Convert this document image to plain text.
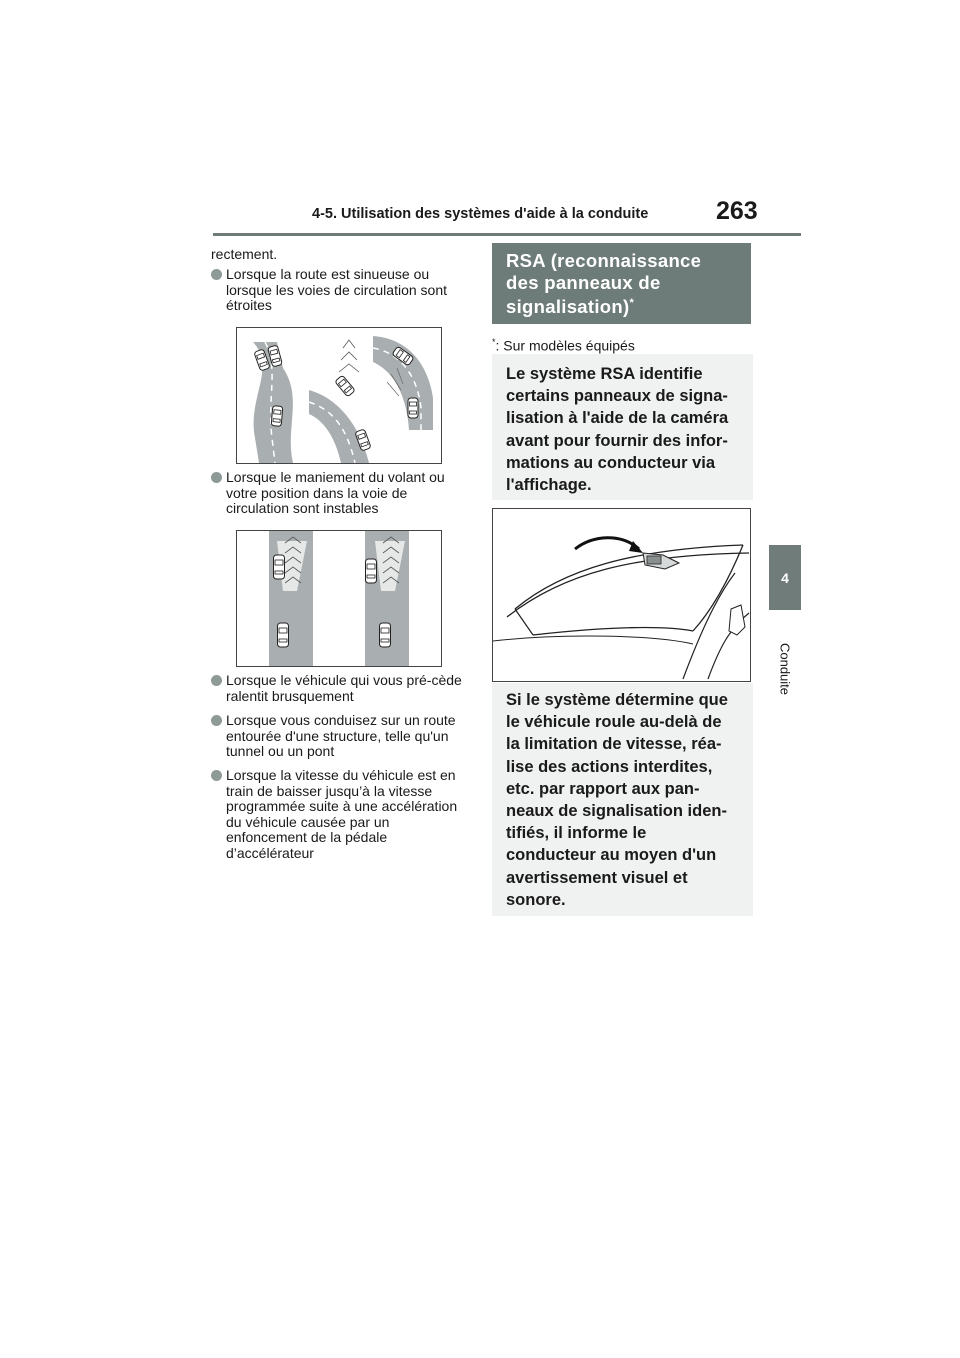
4-5. Utilisation des systèmes d'aide à la conduite	263
4
Conduite
rectement.
Lorsque la route est sinueuse ou lorsque les voies de circulation sont étroites
Lorsque le maniement du volant ou votre position dans la voie de circulation sont instables
Lorsque le véhicule qui vous pré-cède ralentit brusquement
Lorsque vous conduisez sur un route entourée d'une structure, telle qu'un tunnel ou un pont
Lorsque la vitesse du véhicule est en train de baisser jusqu’à la vitesse programmée suite à une accélération du véhicule causée par un enfoncement de la pédale d’accélérateur
RSA (reconnaissance des panneaux de signalisation)*
*: Sur modèles équipés
Le système RSA identifie certains panneaux de signa-lisation à l'aide de la caméra avant pour fournir des infor-mations au conducteur via l'affichage.
Si le système détermine que le véhicule roule au-delà de la limitation de vitesse, réa-lise des actions interdites, etc. par rapport aux pan-neaux de signalisation iden-tifiés, il informe le conducteur au moyen d'un avertissement visuel et sonore.
